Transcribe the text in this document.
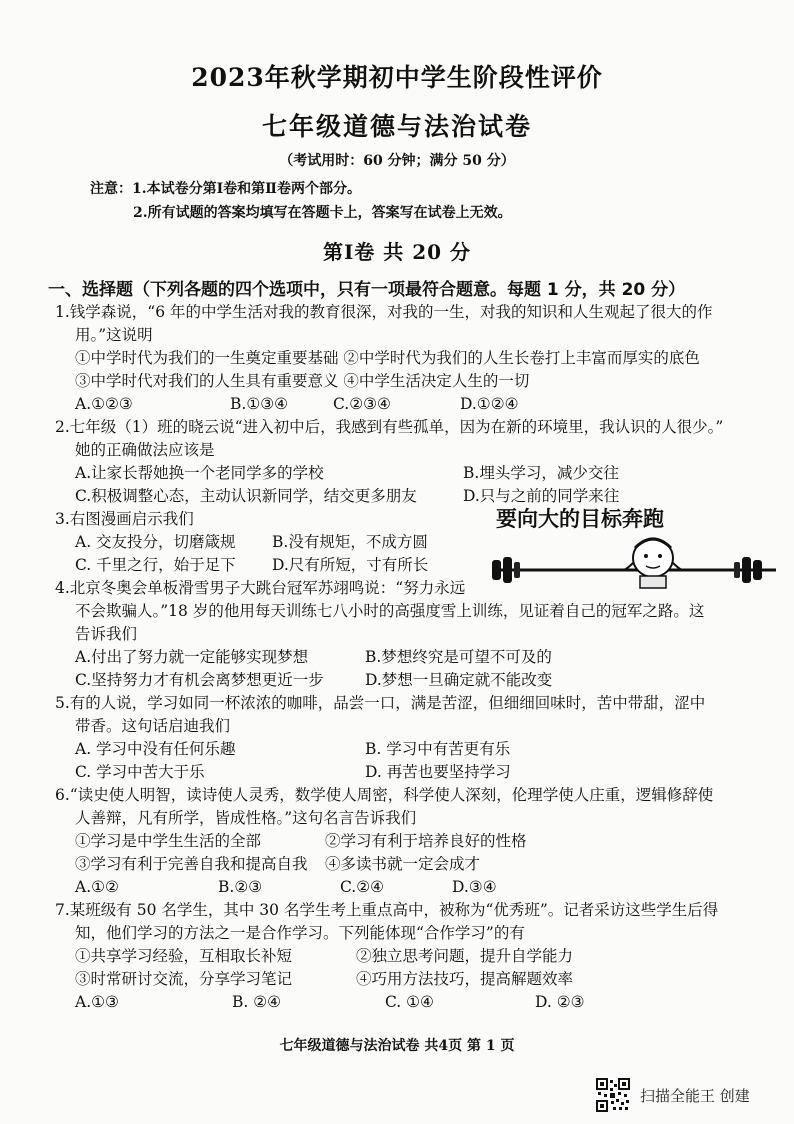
2023年秋学期初中学生阶段性评价
七年级道德与法治试卷
（考试用时：60 分钟；满分 50 分）
注意：1.本试卷分第Ⅰ卷和第Ⅱ卷两个部分。
2.所有试题的答案均填写在答题卡上，答案写在试卷上无效。
第Ⅰ卷 共 20 分
一、选择题（下列各题的四个选项中，只有一项最符合题意。每题 1 分，共 20 分）
1.钱学森说，“6 年的中学生活对我的教育很深，对我的一生，对我的知识和人生观起了很大的作
用。”这说明
①中学时代为我们的一生奠定重要基础 ②中学时代为我们的人生长卷打上丰富而厚实的底色
③中学时代对我们的人生具有重要意义 ④中学生活决定人生的一切
A.①②③	B.①③④	C.②③④	D.①②④
2.七年级（1）班的晓云说“进入初中后，我感到有些孤单，因为在新的环境里，我认识的人很少。”
她的正确做法应该是
A.让家长帮她换一个老同学多的学校	B.埋头学习，减少交往
C.积极调整心态，主动认识新同学，结交更多朋友	D.只与之前的同学来往
3.右图漫画启示我们
A. 交友投分，切磨箴规 B.没有规矩，不成方圆
C. 千里之行，始于足下 D.尺有所短，寸有所长
要向大的目标奔跑
4.北京冬奥会单板滑雪男子大跳台冠军苏翊鸣说：“努力永远
不会欺骗人。”18 岁的他用每天训练七八小时的高强度雪上训练，见证着自己的冠军之路。这
告诉我们
A.付出了努力就一定能够实现梦想	B.梦想终究是可望不可及的
C.坚持努力才有机会离梦想更近一步	D.梦想一旦确定就不能改变
5.有的人说，学习如同一杯浓浓的咖啡，品尝一口，满是苦涩，但细细回味时，苦中带甜，涩中
带香。这句话启迪我们
A. 学习中没有任何乐趣	B. 学习中有苦更有乐
C. 学习中苦大于乐	D. 再苦也要坚持学习
6.“读史使人明智，读诗使人灵秀，数学使人周密，科学使人深刻，伦理学使人庄重，逻辑修辞使
人善辩，凡有所学，皆成性格。”这句名言告诉我们
①学习是中学生生活的全部	②学习有利于培养良好的性格
③学习有利于完善自我和提高自我 ④多读书就一定会成才
A.①②	B.②③	C.②④	D.③④
7.某班级有 50 名学生，其中 30 名学生考上重点高中，被称为“优秀班”。记者采访这些学生后得
知，他们学习的方法之一是合作学习。下列能体现“合作学习”的有
①共享学习经验，互相取长补短	②独立思考问题，提升自学能力
③时常研讨交流，分享学习笔记	④巧用方法技巧，提高解题效率
A.①③	B. ②④	C. ①④	D. ②③
七年级道德与法治试卷 共4页 第 1 页
扫描全能王 创建
